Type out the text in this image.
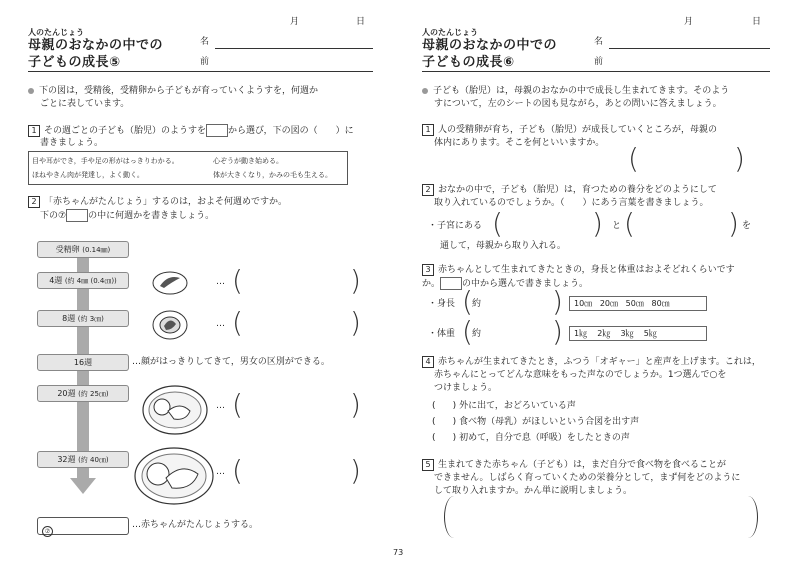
人のたんじょう
母親のおなかの中での
子どもの成長⑤
月	日
名
前
下の図は，受精後，受精卵から子どもが育っていくようすを，何週か
ごとに表しています。
1 その週ごとの子ども（胎児）のようすを から選び，下の図の（　　）に
書きましょう。
目や耳ができ，手や足の形がはっきりわかる。	心ぞうが動き始める。
ほねやきん肉が発達し，よく動く。	体が大きくなり，かみの毛も生える。
2 「赤ちゃんがたんじょう」するのは，およそ何週めですか。
下の⑦ の中に何週かを書きましょう。
受精卵 (0.14㎜)
4週 (約 4㎜ (0.4㎝))
8週 (約 3㎝)
16週
20週 (約 25㎝)
32週 (約 40㎝)
… (	)
… (	)
…顔がはっきりしてきて，男女の区別ができる。
… (	)
… (	)
⑦
…赤ちゃんがたんじょうする。
人のたんじょう
母親のおなかの中での
子どもの成長⑥
月	日
名
前
子ども（胎児）は，母親のおなかの中で成長し生まれてきます。そのよう
すについて，左のシートの図も見ながら，あとの問いに答えましょう。
1 人の受精卵が育ち，子ども（胎児）が成長していくところが，母親の
体内にあります。そこを何といいますか。 (	)
2 おなかの中で，子ども（胎児）は，育つための養分をどのようにして
取り入れているのでしょうか。（　　）にあう言葉を書きましょう。
・子宮にある (	) と (	) を
通して，母親から取り入れる。
3 赤ちゃんとして生まれてきたときの，身長と体重はおよそどれくらいです
か。 の中から選んで書きましょう。
・身長 ( 約	)	10㎝ 20㎝ 50㎝ 80㎝
・体重 ( 約	)	1㎏ 2㎏ 3㎏ 5㎏
4 赤ちゃんが生まれてきたとき，ふつう「オギャー」と産声を上げます。これは，
赤ちゃんにとってどんな意味をもった声なのでしょうか。1つ選んで○を
つけましょう。
(      ) 外に出て，おどろいている声
(      ) 食べ物（母乳）がほしいという合図を出す声
(      ) 初めて，自分で息（呼吸）をしたときの声
5 生まれてきた赤ちゃん（子ども）は，まだ自分で食べ物を食べることが
できません。しばらく育っていくための栄養分として，まず何をどのように
して取り入れますか。かん単に説明しましょう。
73
